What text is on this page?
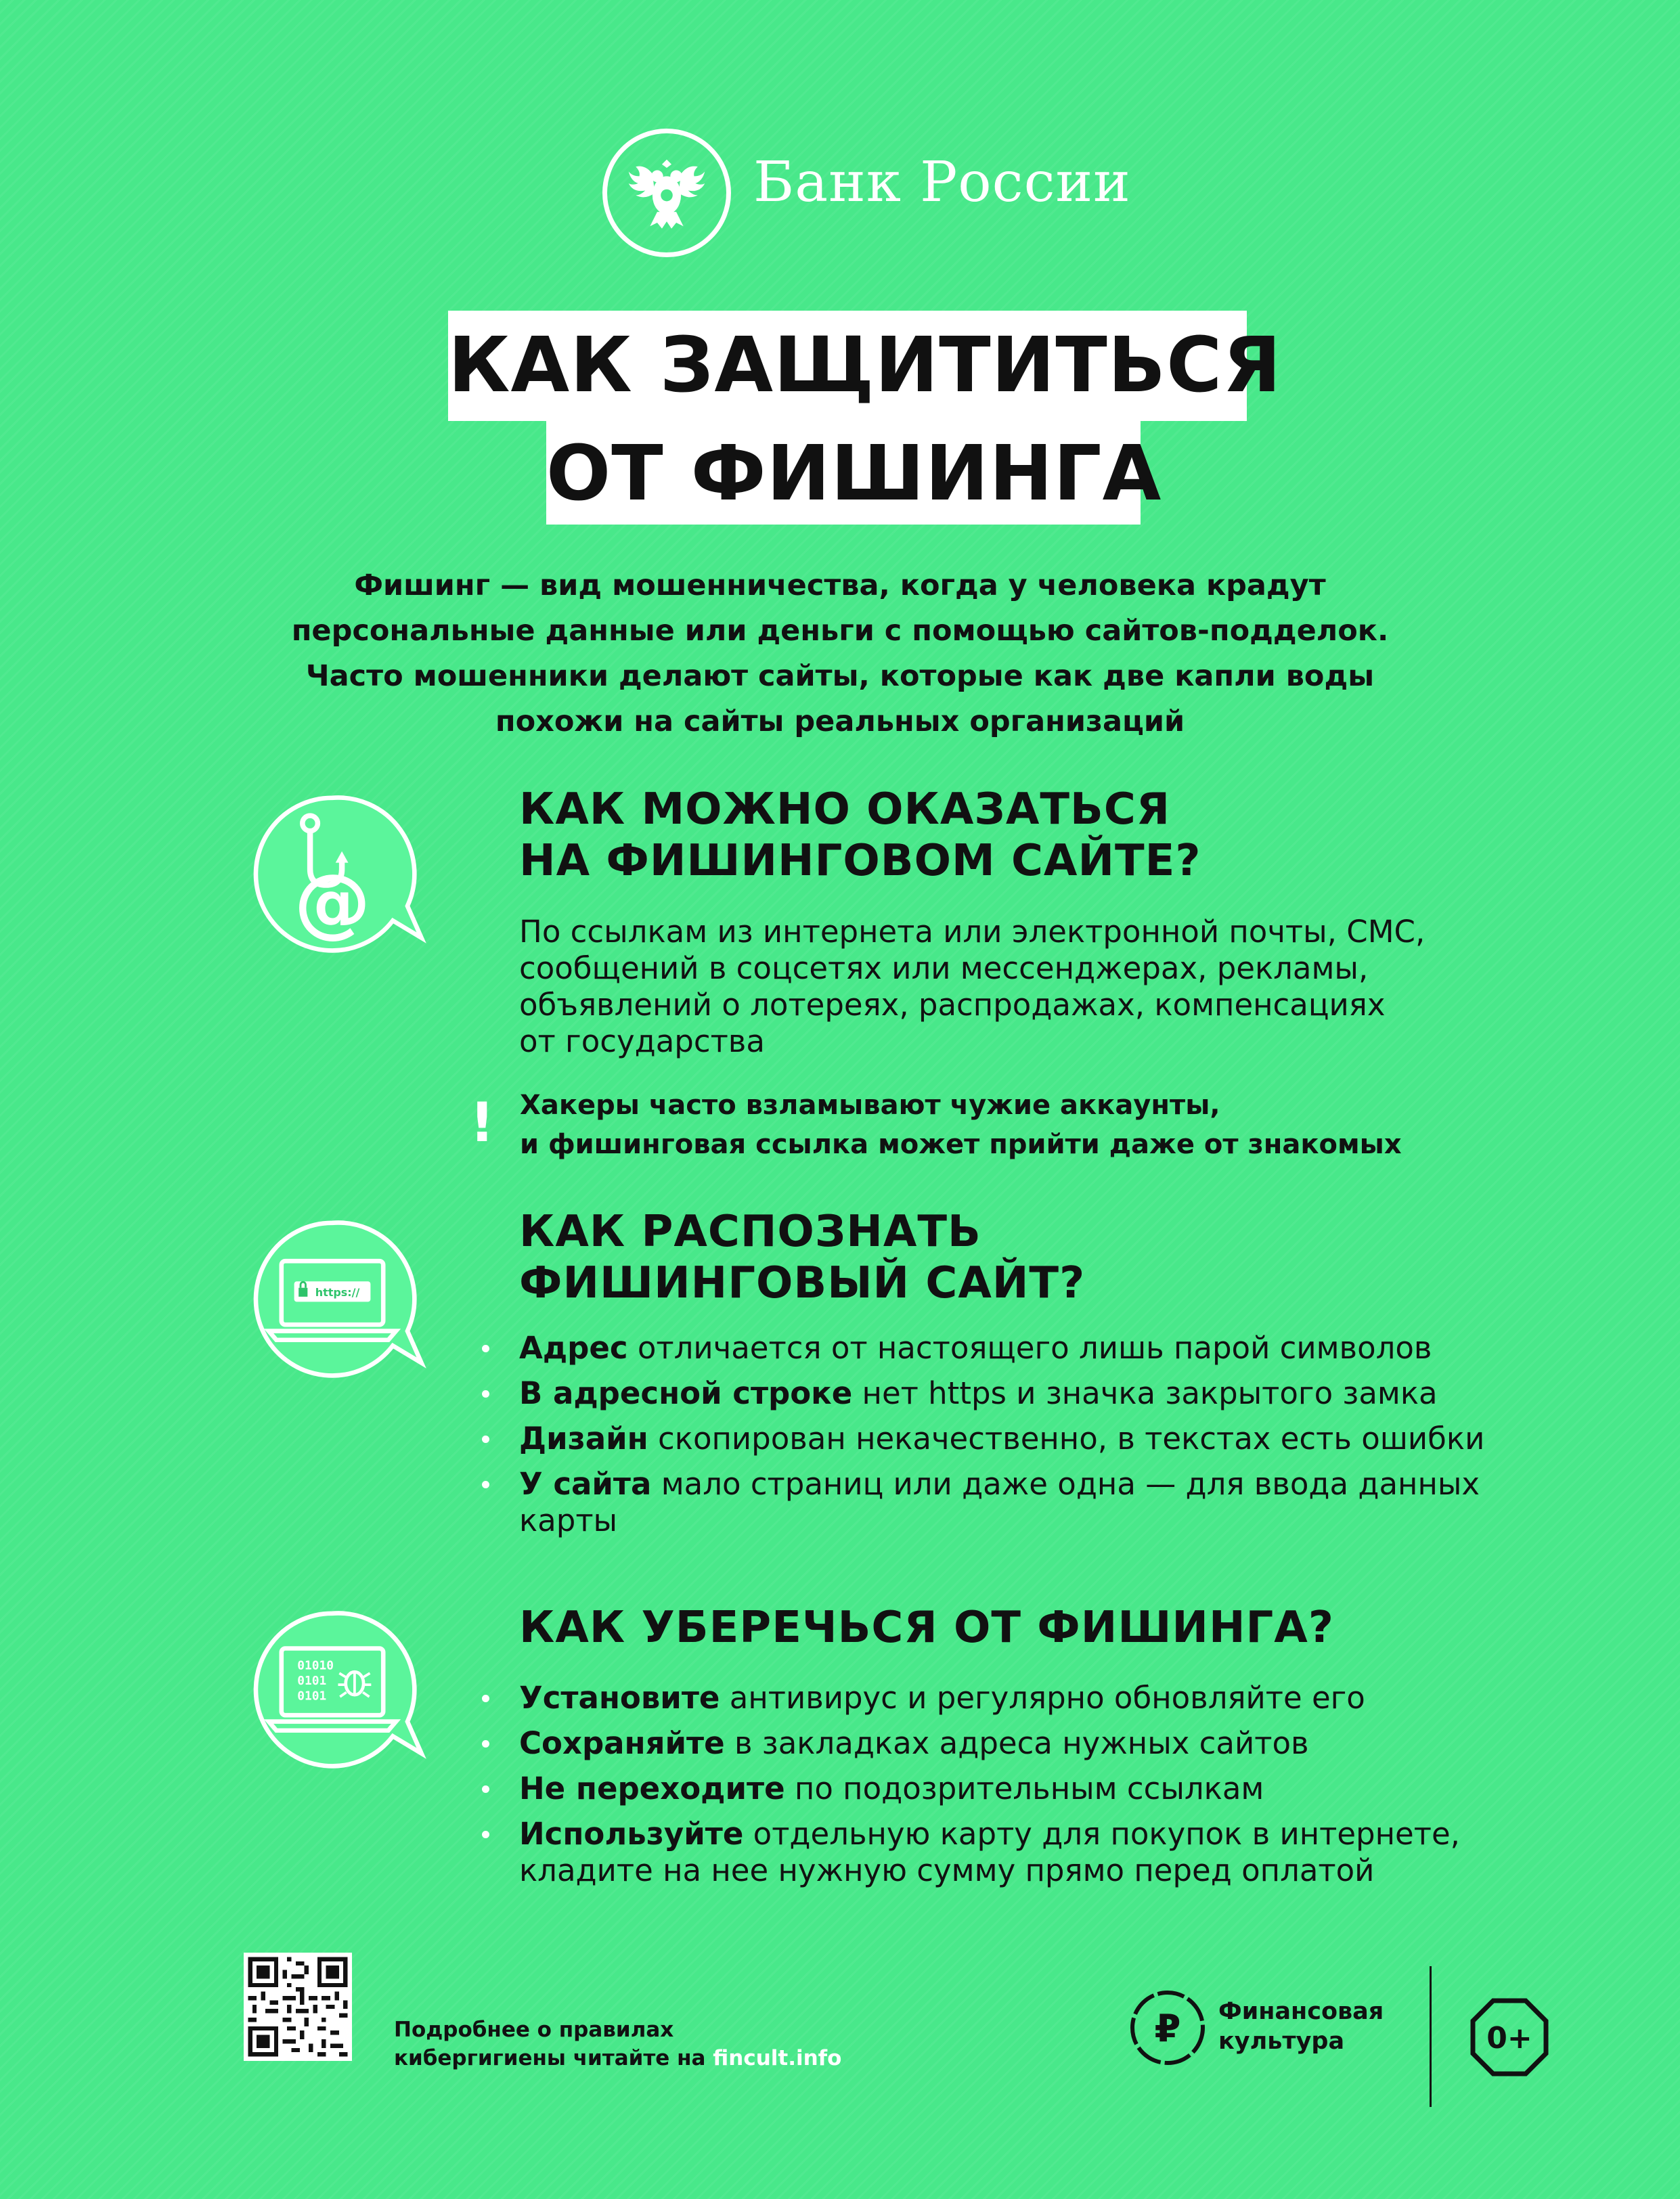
Банк России
КАК ЗАЩИТИТЬСЯ
ОТ ФИШИНГА
Фишинг — вид мошенничества, когда у человека крадут
персональные данные или деньги с помощью сайтов-подделок.
Часто мошенники делают сайты, которые как две капли воды
похожи на сайты реальных организаций
@
КАК МОЖНО ОКАЗАТЬСЯ
НА ФИШИНГОВОМ САЙТЕ?
По ссылкам из интернета или электронной почты, СМС,
сообщений в соцсетях или мессенджерах, рекламы,
объявлений о лотереях, распродажах, компенсациях
от государства
! Хакеры часто взламывают чужие аккаунты,
и фишинговая ссылка может прийти даже от знакомых
https://
КАК РАСПОЗНАТЬ
ФИШИНГОВЫЙ САЙТ?
Адрес отличается от настоящего лишь парой символов
В адресной строке нет https и значка закрытого замка
Дизайн скопирован некачественно, в текстах есть ошибки
У сайта мало страниц или даже одна — для ввода данных
карты
01010
0101
0101
КАК УБЕРЕЧЬСЯ ОТ ФИШИНГА?
Установите антивирус и регулярно обновляйте его
Сохраняйте в закладках адреса нужных сайтов
Не переходите по подозрительным ссылкам
Используйте отдельную карту для покупок в интернете,
кладите на нее нужную сумму прямо перед оплатой
Подробнее о правилах
кибергигиены читайте на fincult.info
₽ Финансовая
культура	0+
